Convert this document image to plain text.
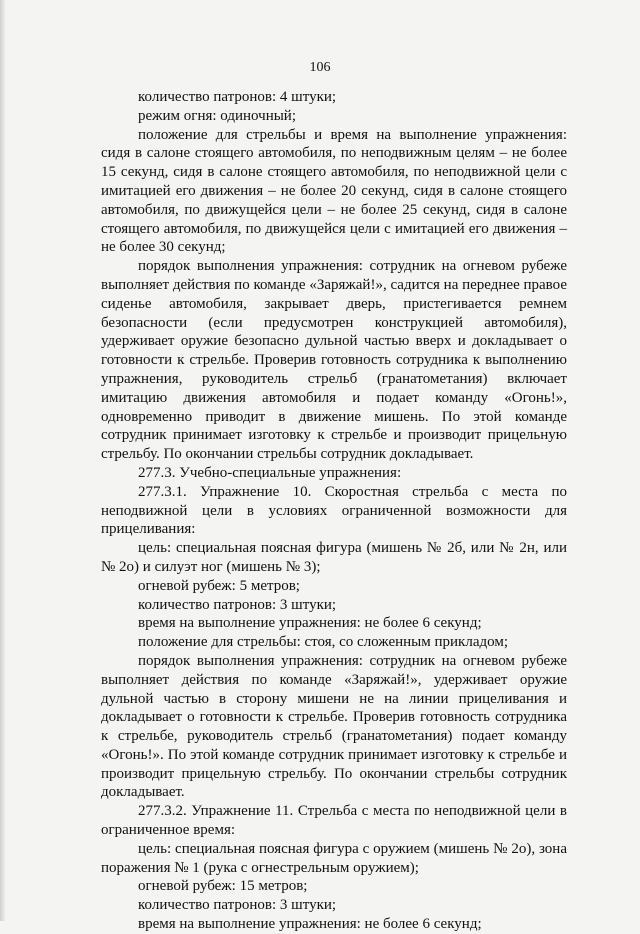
106

количество патронов: 4 штуки;

режим огня: одиночный;

положение для стрельбы и время на выполнение упражнения: сидя в салоне стоящего автомобиля, по неподвижным целям – не более 15 секунд, сидя в салоне стоящего автомобиля, по неподвижной цели с имитацией его движения – не более 20 секунд, сидя в салоне стоящего автомобиля, по движущейся цели – не более 25 секунд, сидя в салоне стоящего автомобиля, по движущейся цели с имитацией его движения – не более 30 секунд;

порядок выполнения упражнения: сотрудник на огневом рубеже выполняет действия по команде «Заряжай!», садится на переднее правое сиденье автомобиля, закрывает дверь, пристегивается ремнем безопасности (если предусмотрен конструкцией автомобиля), удерживает оружие безопасно дульной частью вверх и докладывает о готовности к стрельбе. Проверив готовность сотрудника к выполнению упражнения, руководитель стрельб (гранатометания) включает имитацию движения автомобиля и подает команду «Огонь!», одновременно приводит в движение мишень. По этой команде сотрудник принимает изготовку к стрельбе и производит прицельную стрельбу. По окончании стрельбы сотрудник докладывает.

277.3. Учебно-специальные упражнения:

277.3.1. Упражнение 10. Скоростная стрельба с места по неподвижной цели в условиях ограниченной возможности для прицеливания:

цель: специальная поясная фигура (мишень № 2б, или № 2н, или № 2о) и силуэт ног (мишень № 3);

огневой рубеж: 5 метров;

количество патронов: 3 штуки;

время на выполнение упражнения: не более 6 секунд;

положение для стрельбы: стоя, со сложенным прикладом;

порядок выполнения упражнения: сотрудник на огневом рубеже выполняет действия по команде «Заряжай!», удерживает оружие дульной частью в сторону мишени не на линии прицеливания и докладывает о готовности к стрельбе. Проверив готовность сотрудника к стрельбе, руководитель стрельб (гранатометания) подает команду «Огонь!». По этой команде сотрудник принимает изготовку к стрельбе и производит прицельную стрельбу. По окончании стрельбы сотрудник докладывает.

277.3.2. Упражнение 11. Стрельба с места по неподвижной цели в ограниченное время:

цель: специальная поясная фигура с оружием (мишень № 2о), зона поражения № 1 (рука с огнестрельным оружием);

огневой рубеж: 15 метров;

количество патронов: 3 штуки;

время на выполнение упражнения: не более 6 секунд;
